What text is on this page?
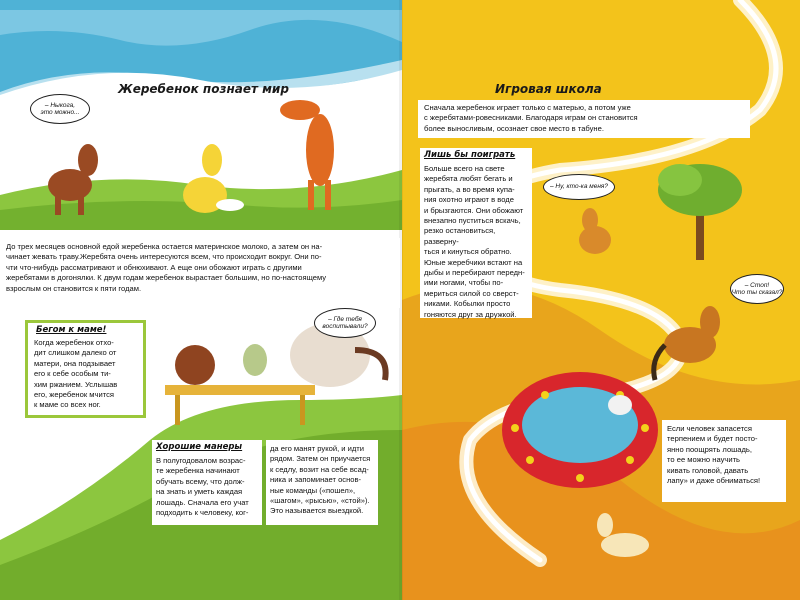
Жеребенок познает мир
– Ныкога,
это можно...
До трех месяцев основной едой жеребенка остается материнское молоко, а затем он на-
чинает жевать траву.Жеребята очень интересуются всем, что происходит вокруг. Они по-
чти что-нибудь рассматривают и обнюхивают. А еще они обожают играть с другими
жеребятами в догонялки. К двум годам жеребенок вырастает большим, но по-настоящему
взрослым он становится к пяти годам.
– Где тебя
воспитывали?
Бегом к маме!
Когда жеребенок отхо-
дит слишком далеко от
матери, она подзывает
его к себе особым ти-
хим ржанием. Услышав
его, жеребенок мчится
к маме со всех ног.
Хорошие манеры
В полугодовалом возрас-
те жеребенка начинают
обучать всему, что долж-
на знать и уметь каждая
лошадь. Сначала его учат
подходить к человеку, ког-
да его манят рукой, и идти
рядом. Затем он приучается
к седлу, возит на себе всад-
ника и запоминает основ-
ные команды («пошел»,
«шагом», «рысью», «стой»).
Это называется выездкой.
Игровая школа
Сначала жеребенок играет только с матерью, а потом уже
с жеребятами-ровесниками. Благодаря играм он становится
более выносливым, осознает свое место в табуне.
Лишь бы поиграть
Больше всего на свете
жеребята любят бегать и
прыгать, а во время купа-
ния охотно играют в воде
и брызгаются. Они обожают
внезапно пуститься вскачь,
резко остановиться, разверну-
ться и кинуться обратно.
Юные жеребчики встают на
дыбы и перебирают передн-
ими ногами, чтобы по-
мериться силой со сверст-
никами. Кобылки просто
гоняются друг за дружкой.
– Ну, кто-ка меня?
– Стоп!
Что ты сказал?
Если человек запасется
терпением и будет посто-
янно поощрять лошадь,
то ее можно научить
кивать головой, давать
лапу» и даже обниматься!
